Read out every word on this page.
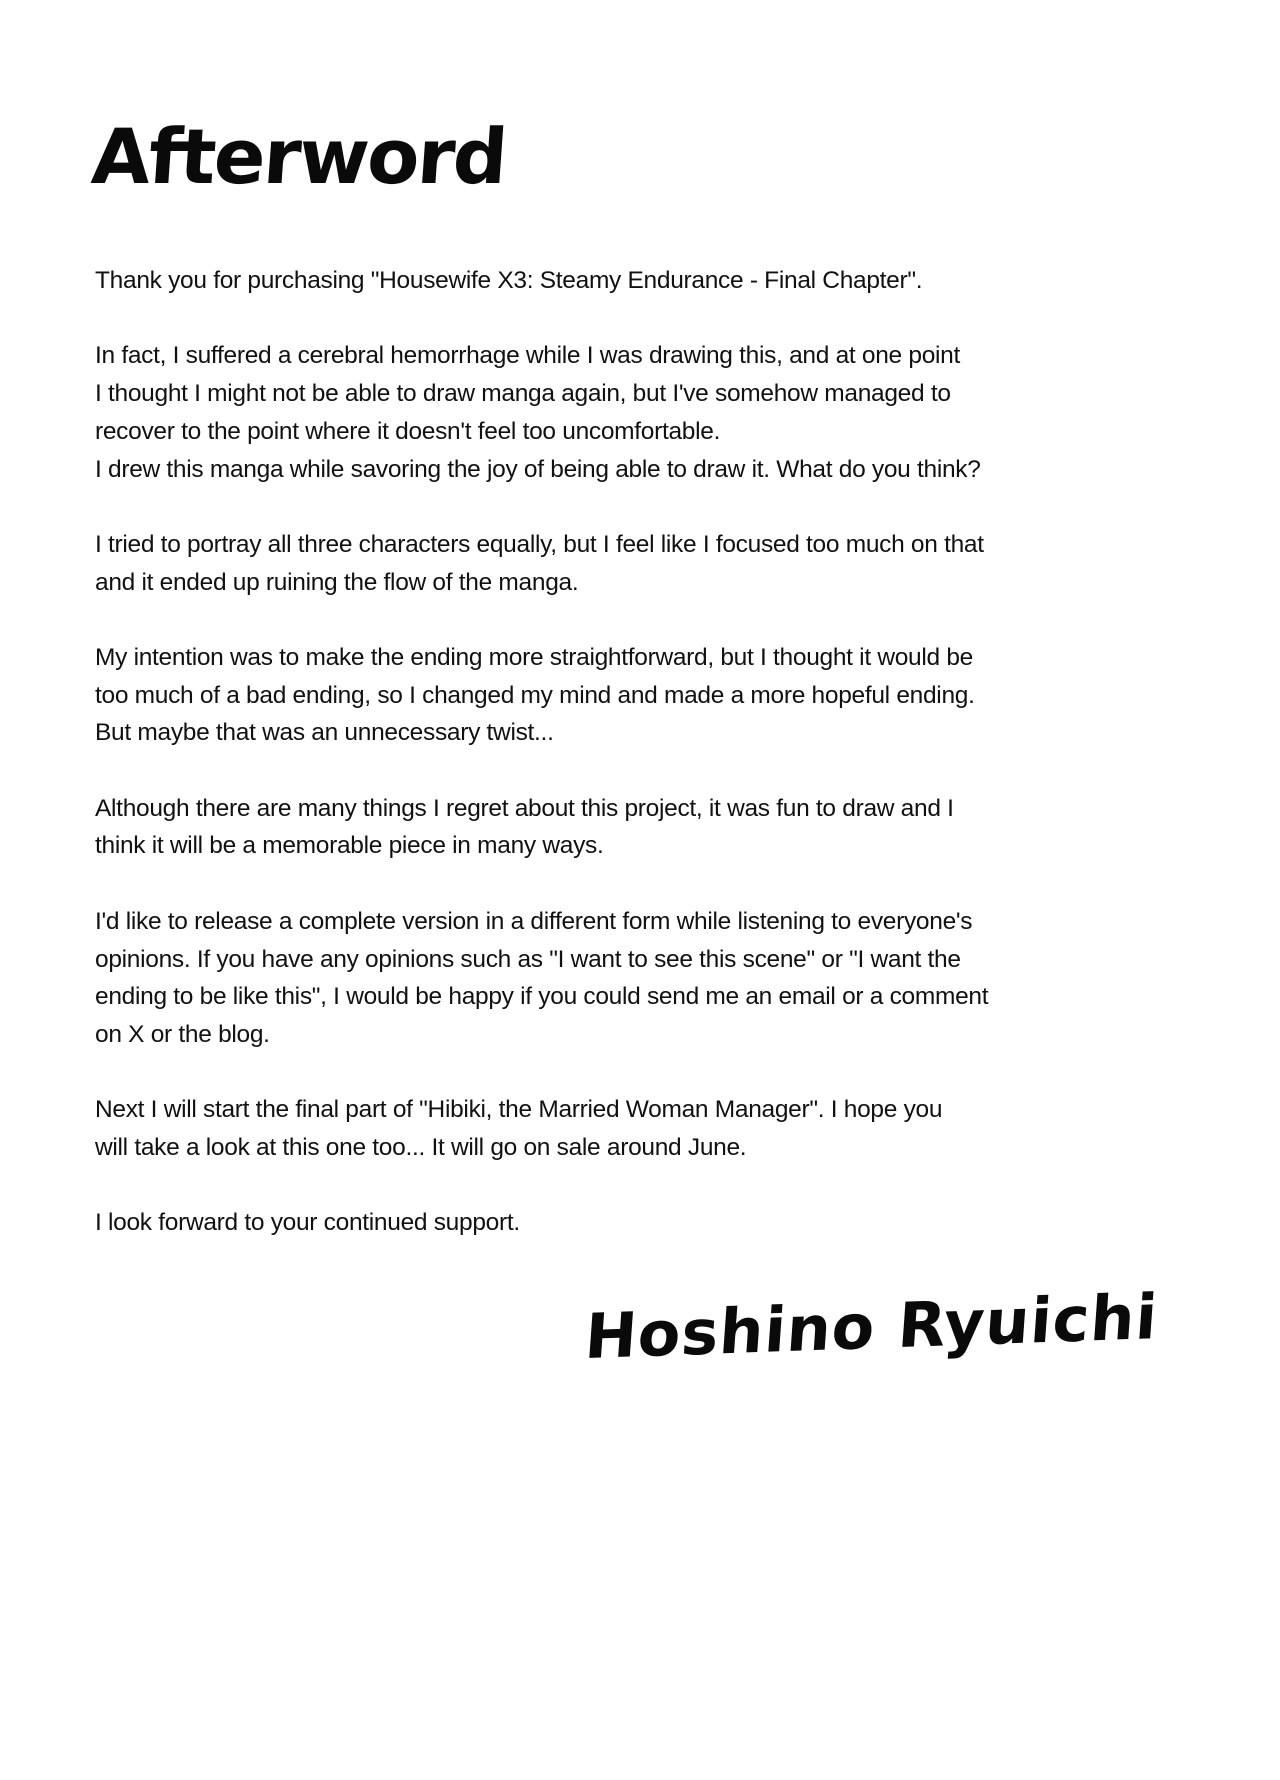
Afterword

Thank you for purchasing "Housewife X3: Steamy Endurance - Final Chapter".

In fact, I suffered a cerebral hemorrhage while I was drawing this, and at one point
I thought I might not be able to draw manga again, but I've somehow managed to
recover to the point where it doesn't feel too uncomfortable.
I drew this manga while savoring the joy of being able to draw it. What do you think?

I tried to portray all three characters equally, but I feel like I focused too much on that
and it ended up ruining the flow of the manga.

My intention was to make the ending more straightforward, but I thought it would be
too much of a bad ending, so I changed my mind and made a more hopeful ending.
But maybe that was an unnecessary twist...

Although there are many things I regret about this project, it was fun to draw and I
think it will be a memorable piece in many ways.

I'd like to release a complete version in a different form while listening to everyone's
opinions. If you have any opinions such as "I want to see this scene" or "I want the
ending to be like this", I would be happy if you could send me an email or a comment
on X or the blog.

Next I will start the final part of "Hibiki, the Married Woman Manager". I hope you
will take a look at this one too... It will go on sale around June.

I look forward to your continued support.

Hoshino Ryuichi
